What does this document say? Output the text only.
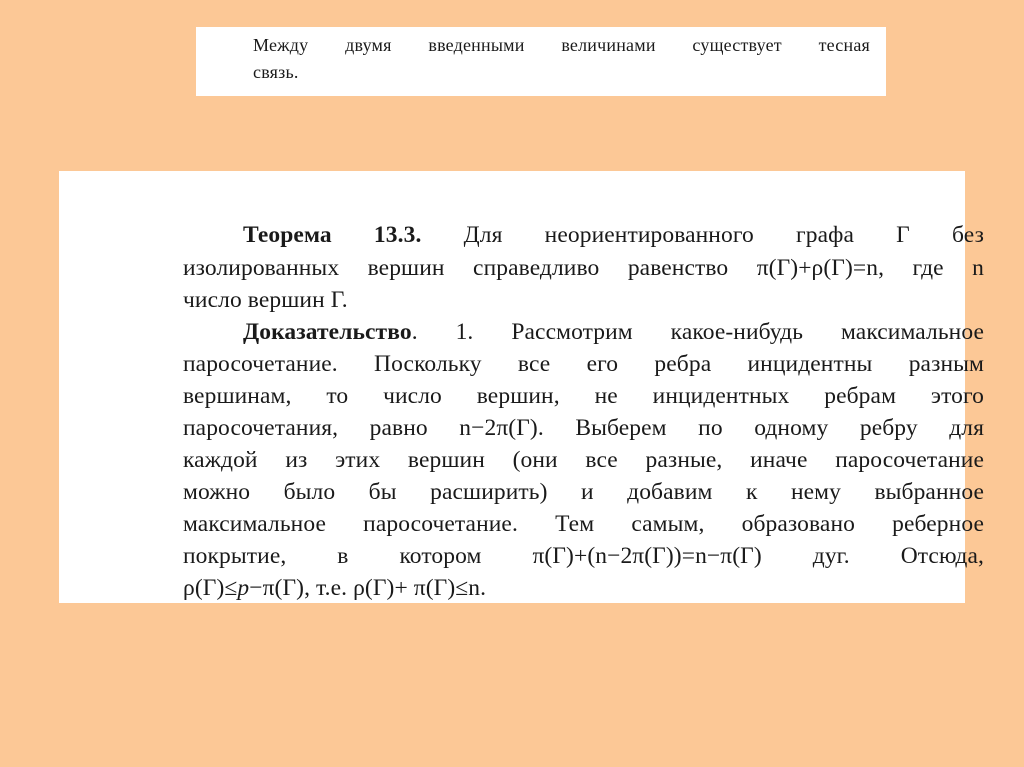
Между двумя введенными величинами существует тесная
связь.
Теорема 13.3. Для неориентированного графа Г без
изолированных вершин справедливо равенство π(Г)+ρ(Г)=n, где n
число вершин Г.
Доказательство. 1. Рассмотрим какое-нибудь максимальное
паросочетание. Поскольку все его ребра инцидентны разным
вершинам, то число вершин, не инцидентных ребрам этого
паросочетания, равно n−2π(Г). Выберем по одному ребру для
каждой из этих вершин (они все разные, иначе паросочетание
можно было бы расширить) и добавим к нему выбранное
максимальное паросочетание. Тем самым, образовано реберное
покрытие, в котором π(Г)+(n−2π(Г))=n−π(Г) дуг. Отсюда,
ρ(Г)≤p−π(Г), т.е. ρ(Г)+ π(Г)≤n.
